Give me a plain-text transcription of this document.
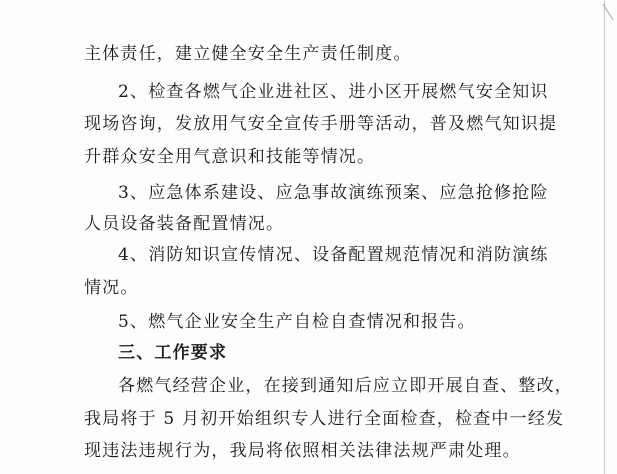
主体责任，建立健全安全生产责任制度。
2、检查各燃气企业进社区、进小区开展燃气安全知识
现场咨询，发放用气安全宣传手册等活动，普及燃气知识提
升群众安全用气意识和技能等情况。
3、应急体系建设、应急事故演练预案、应急抢修抢险
人员设备装备配置情况。
4、消防知识宣传情况、设备配置规范情况和消防演练
情况。
5、燃气企业安全生产自检自查情况和报告。
三、工作要求
各燃气经营企业，在接到通知后应立即开展自查、整改，
我局将于 5 月初开始组织专人进行全面检查，检查中一经发
现违法违规行为，我局将依照相关法律法规严肃处理。
